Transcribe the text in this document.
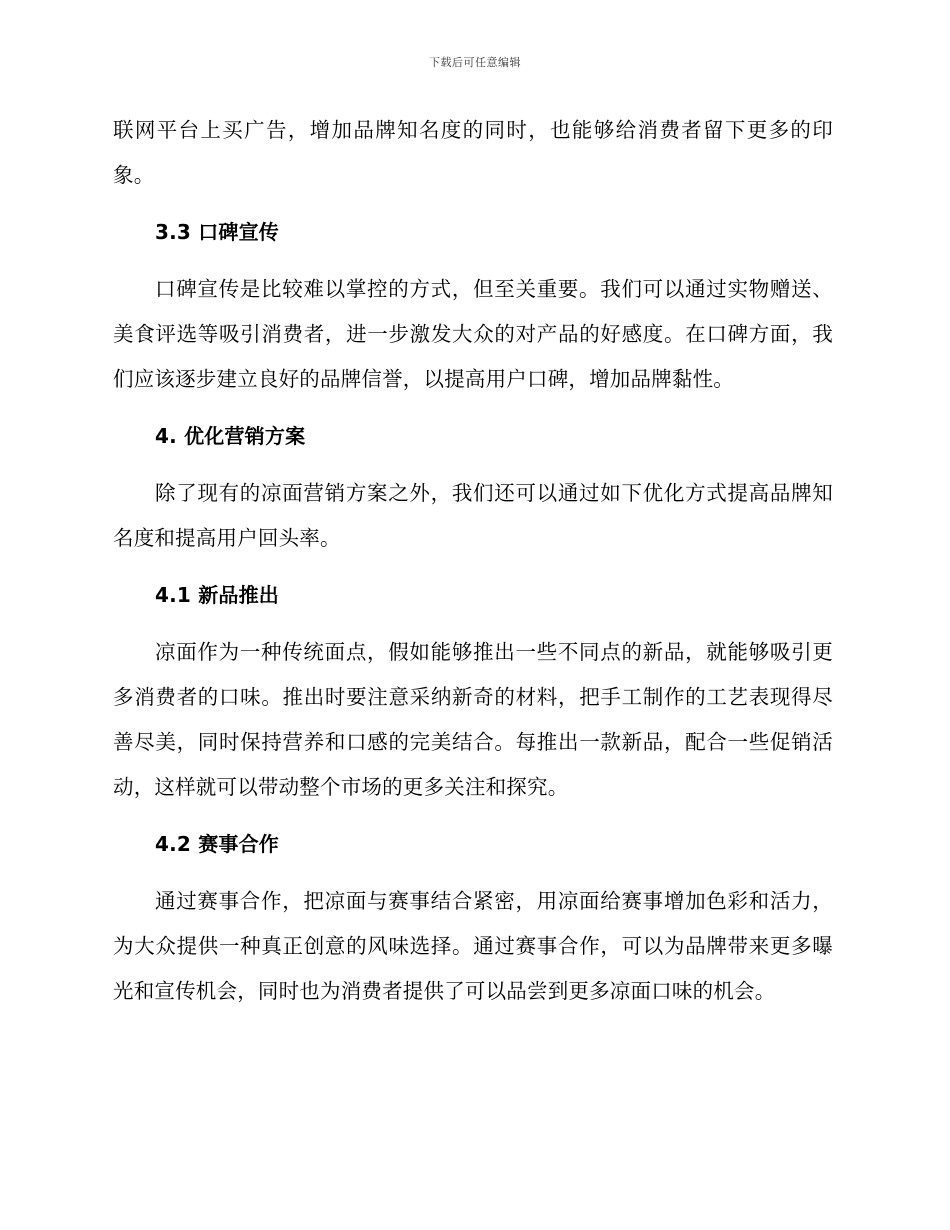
下载后可任意编辑

联网平台上买广告，增加品牌知名度的同时，也能够给消费者留下更多的印象。

3.3 口碑宣传

口碑宣传是比较难以掌控的方式，但至关重要。我们可以通过实物赠送、美食评选等吸引消费者，进一步激发大众的对产品的好感度。在口碑方面，我们应该逐步建立良好的品牌信誉，以提高用户口碑，增加品牌黏性。

4. 优化营销方案

除了现有的凉面营销方案之外，我们还可以通过如下优化方式提高品牌知名度和提高用户回头率。

4.1 新品推出

凉面作为一种传统面点，假如能够推出一些不同点的新品，就能够吸引更多消费者的口味。推出时要注意采纳新奇的材料，把手工制作的工艺表现得尽善尽美，同时保持营养和口感的完美结合。每推出一款新品，配合一些促销活动，这样就可以带动整个市场的更多关注和探究。

4.2 赛事合作

通过赛事合作，把凉面与赛事结合紧密，用凉面给赛事增加色彩和活力，为大众提供一种真正创意的风味选择。通过赛事合作，可以为品牌带来更多曝光和宣传机会，同时也为消费者提供了可以品尝到更多凉面口味的机会。
